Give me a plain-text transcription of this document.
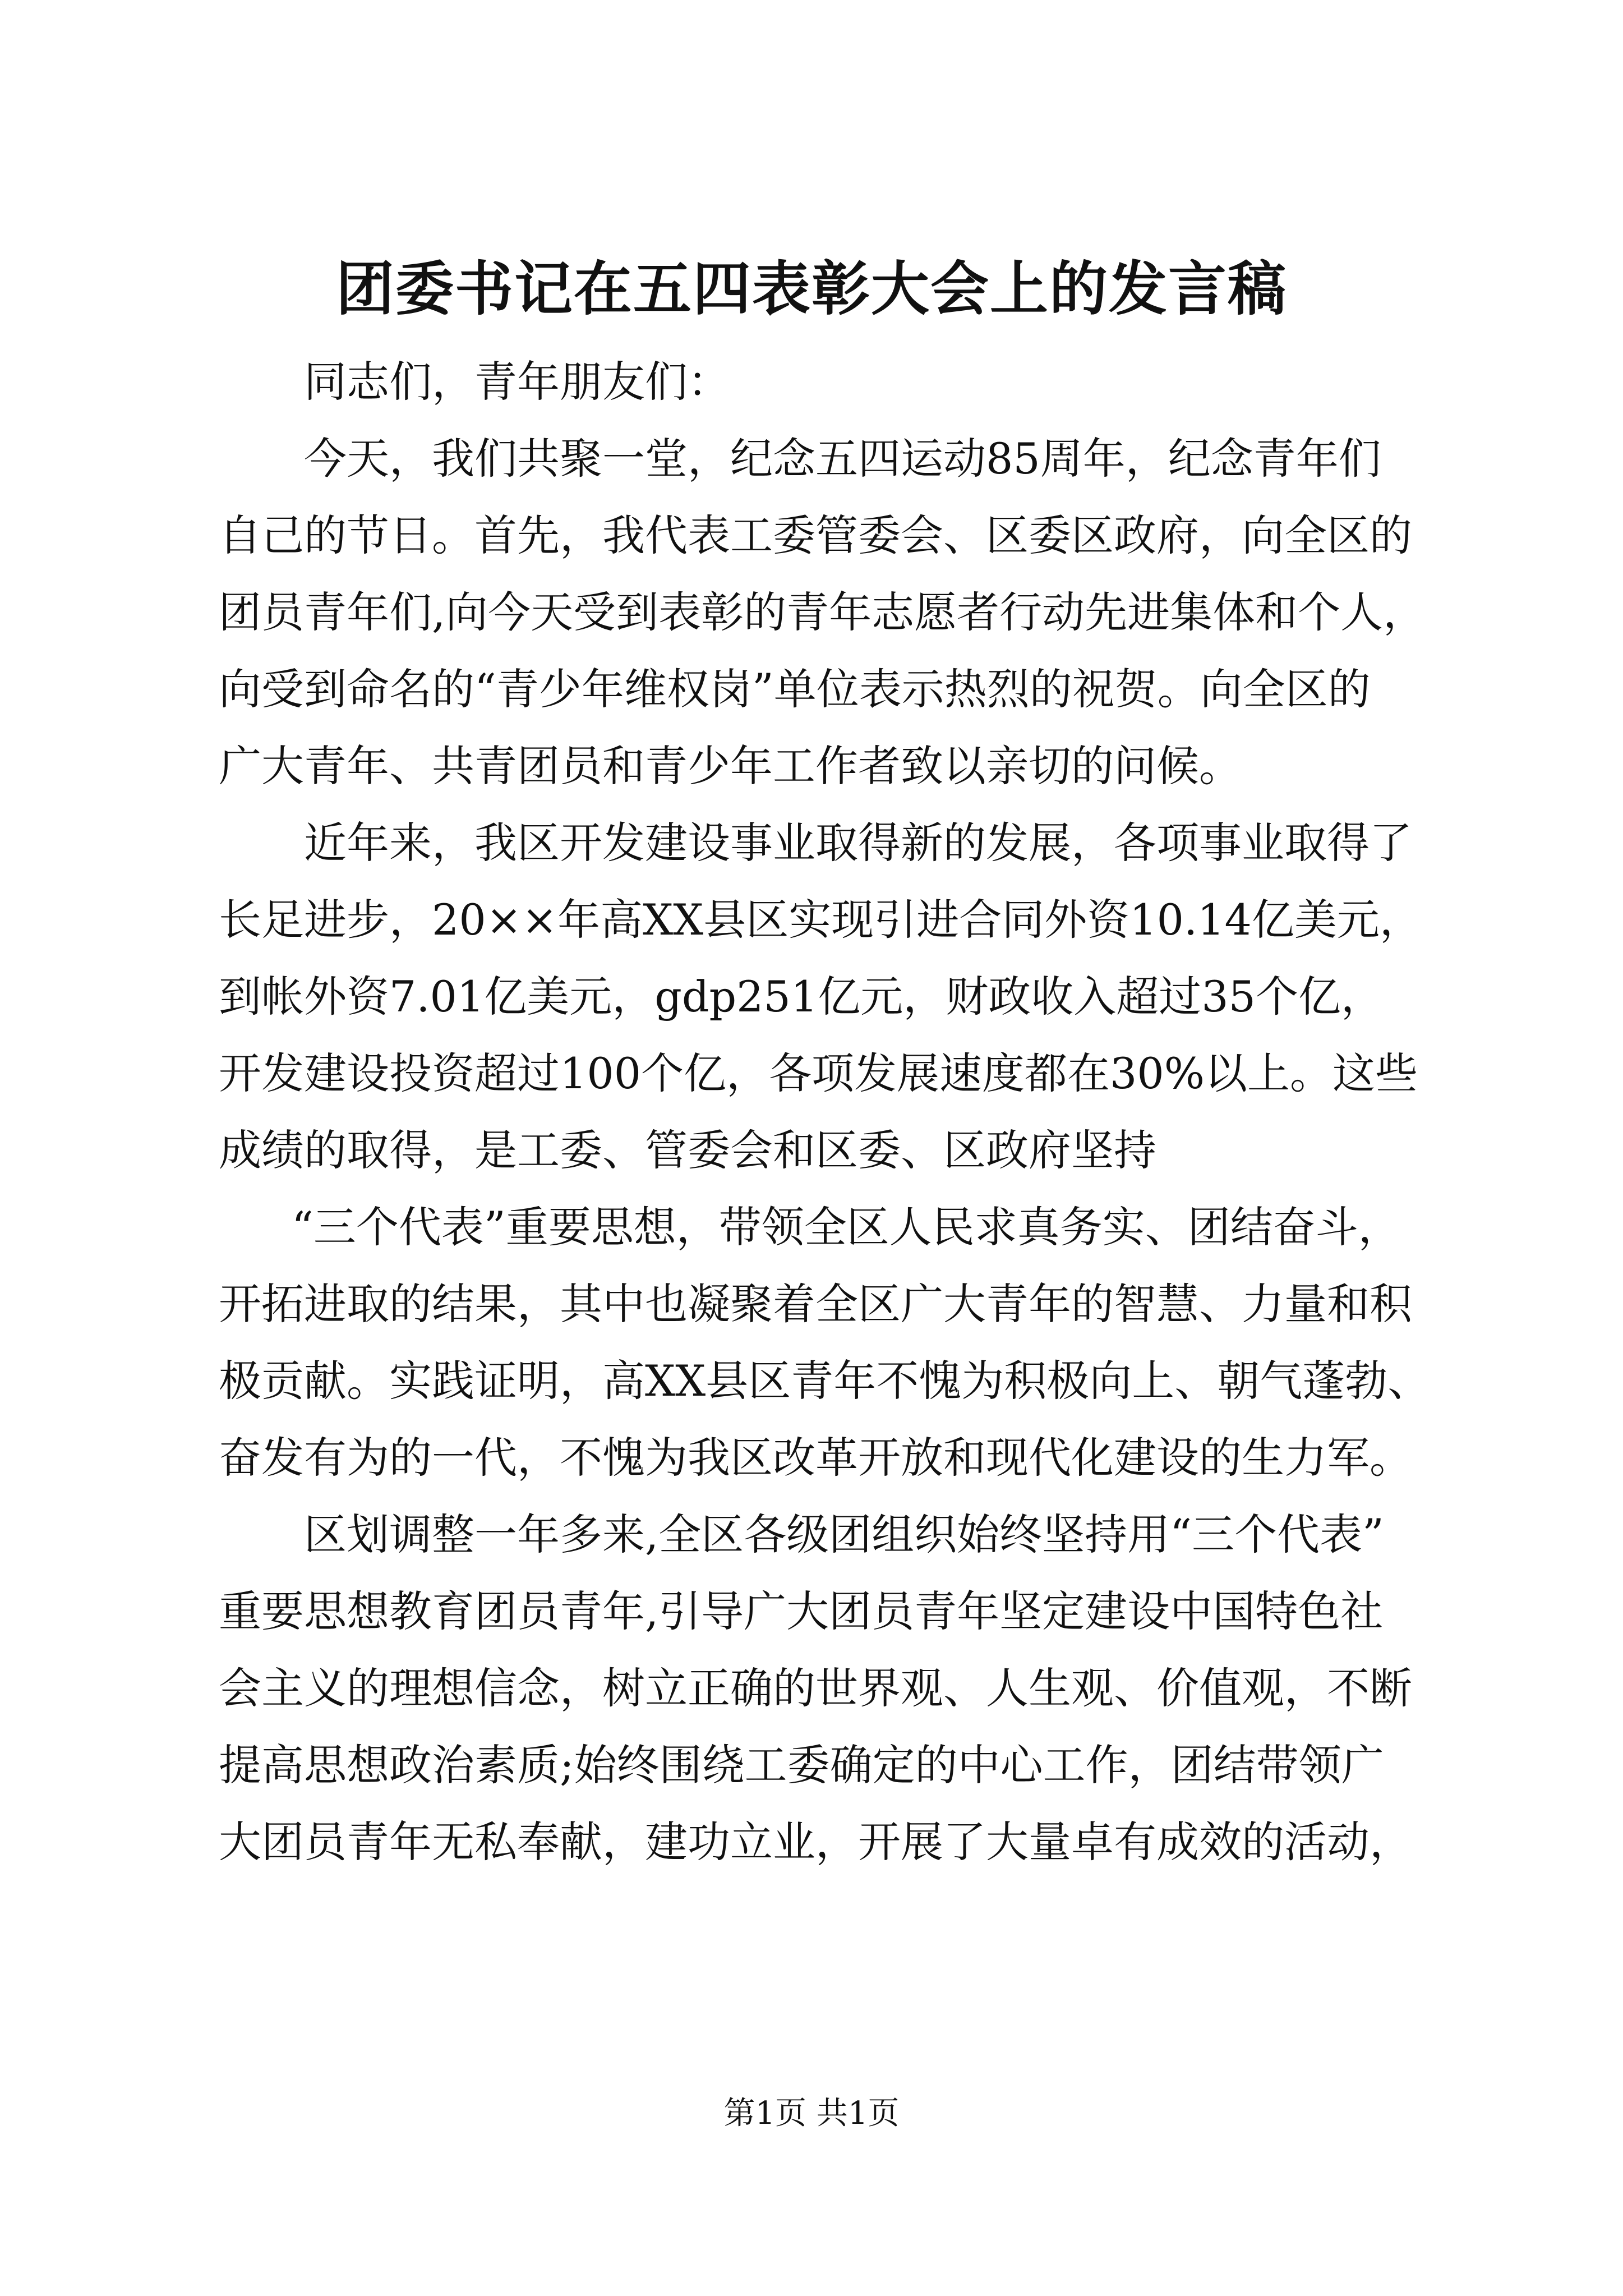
团委书记在五四表彰大会上的发言稿
同志们，青年朋友们：
今天，我们共聚一堂，纪念五四运动85周年，纪念青年们
自己的节日。首先，我代表工委管委会、区委区政府，向全区的
团员青年们,向今天受到表彰的青年志愿者行动先进集体和个人，
向受到命名的“青少年维权岗”单位表示热烈的祝贺。向全区的
广大青年、共青团员和青少年工作者致以亲切的问候。
近年来，我区开发建设事业取得新的发展，各项事业取得了
长足进步，20××年高XX县区实现引进合同外资10.14亿美元，
到帐外资7.01亿美元，gdp251亿元，财政收入超过35个亿，
开发建设投资超过100个亿，各项发展速度都在30%以上。这些
成绩的取得，是工委、管委会和区委、区政府坚持
“三个代表”重要思想，带领全区人民求真务实、团结奋斗，
开拓进取的结果，其中也凝聚着全区广大青年的智慧、力量和积
极贡献。实践证明，高XX县区青年不愧为积极向上、朝气蓬勃、
奋发有为的一代，不愧为我区改革开放和现代化建设的生力军。
区划调整一年多来,全区各级团组织始终坚持用“三个代表”
重要思想教育团员青年,引导广大团员青年坚定建设中国特色社
会主义的理想信念，树立正确的世界观、人生观、价值观，不断
提高思想政治素质;始终围绕工委确定的中心工作，团结带领广
大团员青年无私奉献，建功立业，开展了大量卓有成效的活动，
第1页 共1页
